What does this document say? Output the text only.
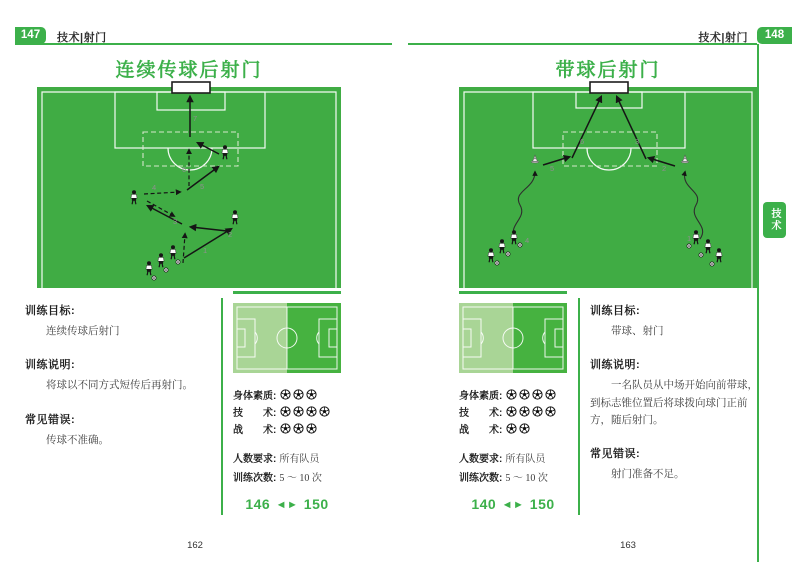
147	技术|射门	148
技术|射门
技术
连续传球后射门	带球后射门
1
2
3
4	5
6
7
1
2
3
4
5
6
训练目标:

连续传球后射门

训练说明:

将球以不同方式短传后再射门。

常见错误:

传球不准确。

训练目标:

带球、射门

训练说明:

一名队员从中场开始向前带球，到标志锥位置后将球拨向球门正前方，随后射门。

常见错误:

射门准备不足。

身体素质:
技　　术:
战　　术:
人数要求: 所有队员
训练次数: 5 ～ 10 次
146 ◄► 150
身体素质:
技　　术:
战　　术:
人数要求: 所有队员
训练次数: 5 ～ 10 次
140 ◄► 150
162	163
